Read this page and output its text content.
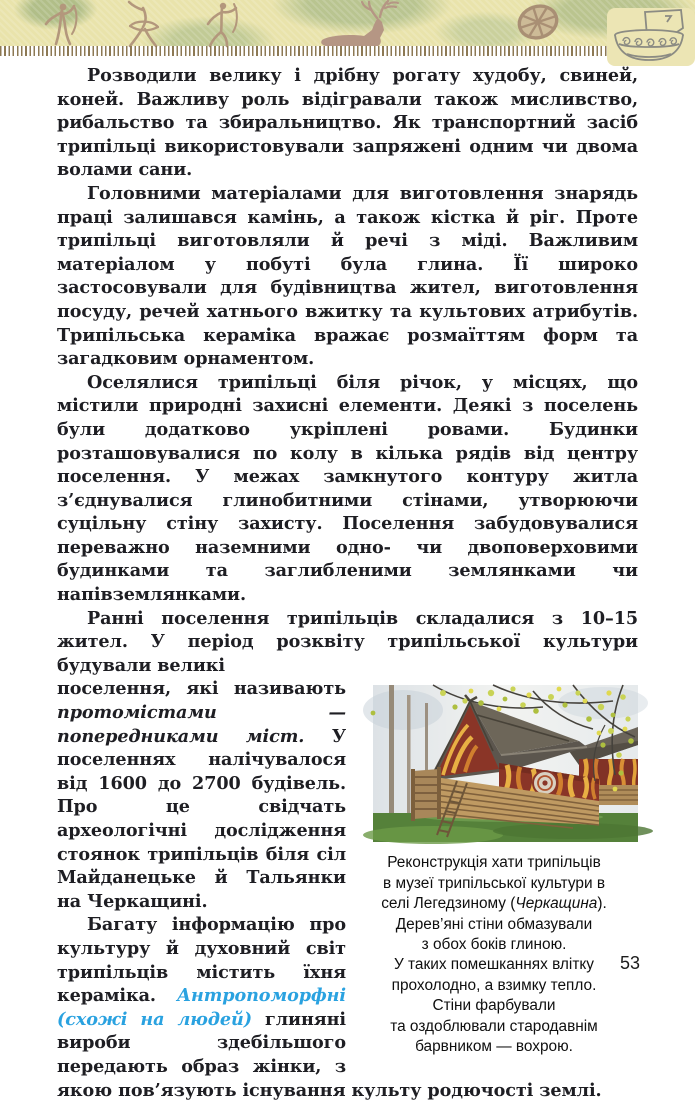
Розводили велику і дрібну рогату худобу, свиней, коней. Важливу роль відігравали також мисливство, рибальство та збиральництво. Як транспортний засіб трипільці використовували запряжені одним чи двома волами сани.

Головними матеріалами для виготовлення знарядь праці залишався камінь, а також кістка й ріг. Проте трипільці виготовляли й речі з міді. Важливим матеріалом у побуті була глина. Її широко застосовували для будівництва жител, виготовлення посуду, речей хатнього вжитку та культових атрибутів. Трипільська кераміка вражає розмаїттям форм та загадковим орнаментом.

Оселялися трипільці біля річок, у місцях, що містили природні захисні елементи. Деякі з поселень були додатково укріплені ровами. Будинки розташовувалися по колу в кілька рядів від центру поселення. У межах замкнутого контуру житла з’єднувалися глинобитними стінами, утворюючи суцільну стіну захисту. Поселення забудовувалися переважно наземними одно- чи двоповерховими будинками та заглибленими землянками чи напівземлянками.

Ранні поселення трипільців складалися з 10–15 жител. У період розквіту трипільської культури будували великі

Реконструкція хати трипільців
в музеї трипільської культури в
селі Легедзиному (Черкащина).
Дерев’яні стіни обмазували
з обох боків глиною.
У таких помешканнях влітку
прохолодно, а взимку тепло.
Стіни фарбували
та оздоблювали стародавнім
барвником — вохрою.

поселення, які називають протомістами — попередниками міст. У поселеннях налічувалося від 1600 до 2700 будівель. Про це свідчать археологічні дослідження стоянок трипільців біля сіл Майданецьке й Тальянки на Черкащині.

Багату інформацію про культуру й духовний світ трипільців містить їхня кераміка. Антропоморфні (схожі на людей) глиняні вироби здебільшого передають образ жінки, з якою пов’язують існування культу родючості землі.

53
